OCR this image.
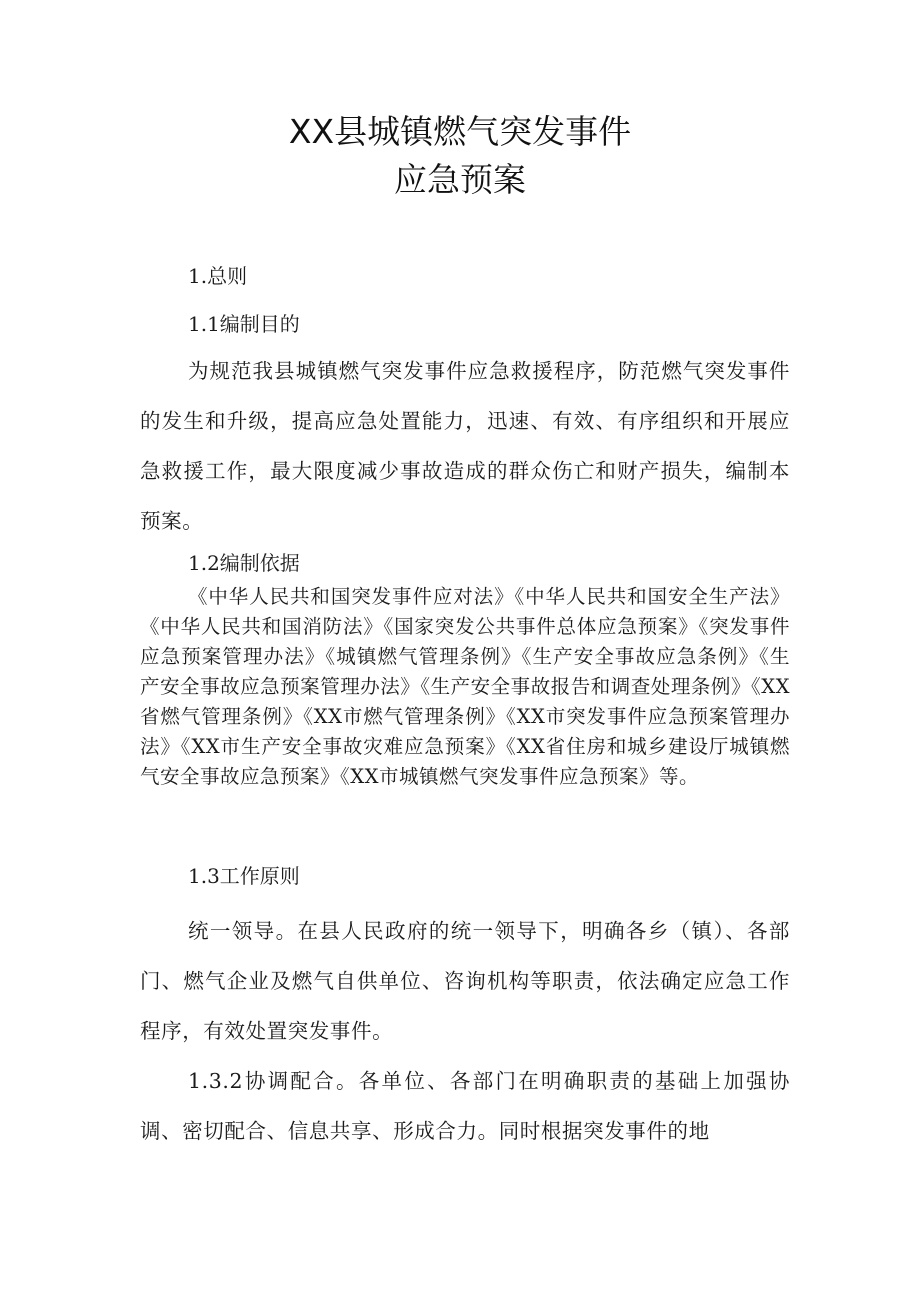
XX县城镇燃气突发事件
应急预案
1.总则
1.1编制目的
为规范我县城镇燃气突发事件应急救援程序，防范燃气突发事件的发生和升级，提高应急处置能力，迅速、有效、有序组织和开展应急救援工作，最大限度减少事故造成的群众伤亡和财产损失，编制本预案。
1.2编制依据
《中华人民共和国突发事件应对法》《中华人民共和国安全生产法》《中华人民共和国消防法》《国家突发公共事件总体应急预案》《突发事件应急预案管理办法》《城镇燃气管理条例》《生产安全事故应急条例》《生产安全事故应急预案管理办法》《生产安全事故报告和调查处理条例》《XX省燃气管理条例》《XX市燃气管理条例》《XX市突发事件应急预案管理办法》《XX市生产安全事故灾难应急预案》《XX省住房和城乡建设厅城镇燃气安全事故应急预案》《XX市城镇燃气突发事件应急预案》等。
1.3工作原则
统一领导。在县人民政府的统一领导下，明确各乡（镇）、各部门、燃气企业及燃气自供单位、咨询机构等职责，依法确定应急工作程序，有效处置突发事件。
1.3.2协调配合。各单位、各部门在明确职责的基础上加强协调、密切配合、信息共享、形成合力。同时根据突发事件的地
